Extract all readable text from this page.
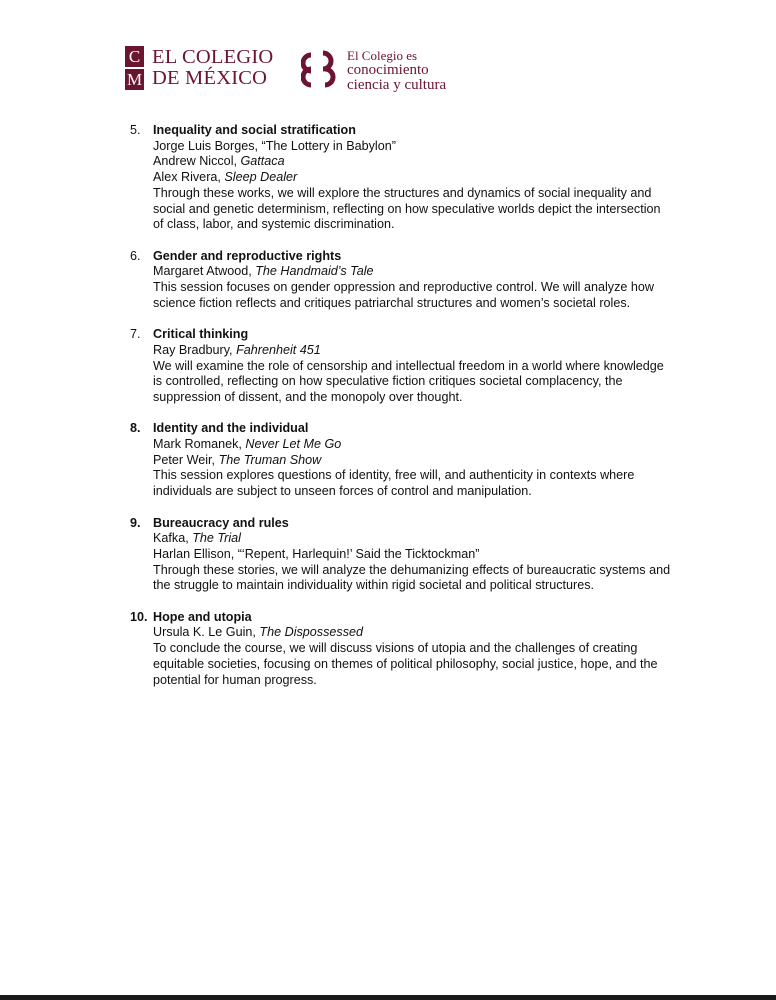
C
M
EL COLEGIO
DE MÉXICO
El Colegio es
conocimiento
ciencia y cultura
5. Inequality and social stratification
Jorge Luis Borges, “The Lottery in Babylon”
Andrew Niccol, Gattaca
Alex Rivera, Sleep Dealer
Through these works, we will explore the structures and dynamics of social inequality and social and genetic determinism, reflecting on how speculative worlds depict the intersection of class, labor, and systemic discrimination.
6. Gender and reproductive rights
Margaret Atwood, The Handmaid’s Tale
This session focuses on gender oppression and reproductive control. We will analyze how science fiction reflects and critiques patriarchal structures and women’s societal roles.
7. Critical thinking
Ray Bradbury, Fahrenheit 451
We will examine the role of censorship and intellectual freedom in a world where knowledge is controlled, reflecting on how speculative fiction critiques societal complacency, the suppression of dissent, and the monopoly over thought.
8. Identity and the individual
Mark Romanek, Never Let Me Go
Peter Weir, The Truman Show
This session explores questions of identity, free will, and authenticity in contexts where individuals are subject to unseen forces of control and manipulation.
9. Bureaucracy and rules
Kafka, The Trial
Harlan Ellison, “‘Repent, Harlequin!’ Said the Ticktockman”
Through these stories, we will analyze the dehumanizing effects of bureaucratic systems and the struggle to maintain individuality within rigid societal and political structures.
10. Hope and utopia
Ursula K. Le Guin, The Dispossessed
To conclude the course, we will discuss visions of utopia and the challenges of creating equitable societies, focusing on themes of political philosophy, social justice, hope, and the potential for human progress.
